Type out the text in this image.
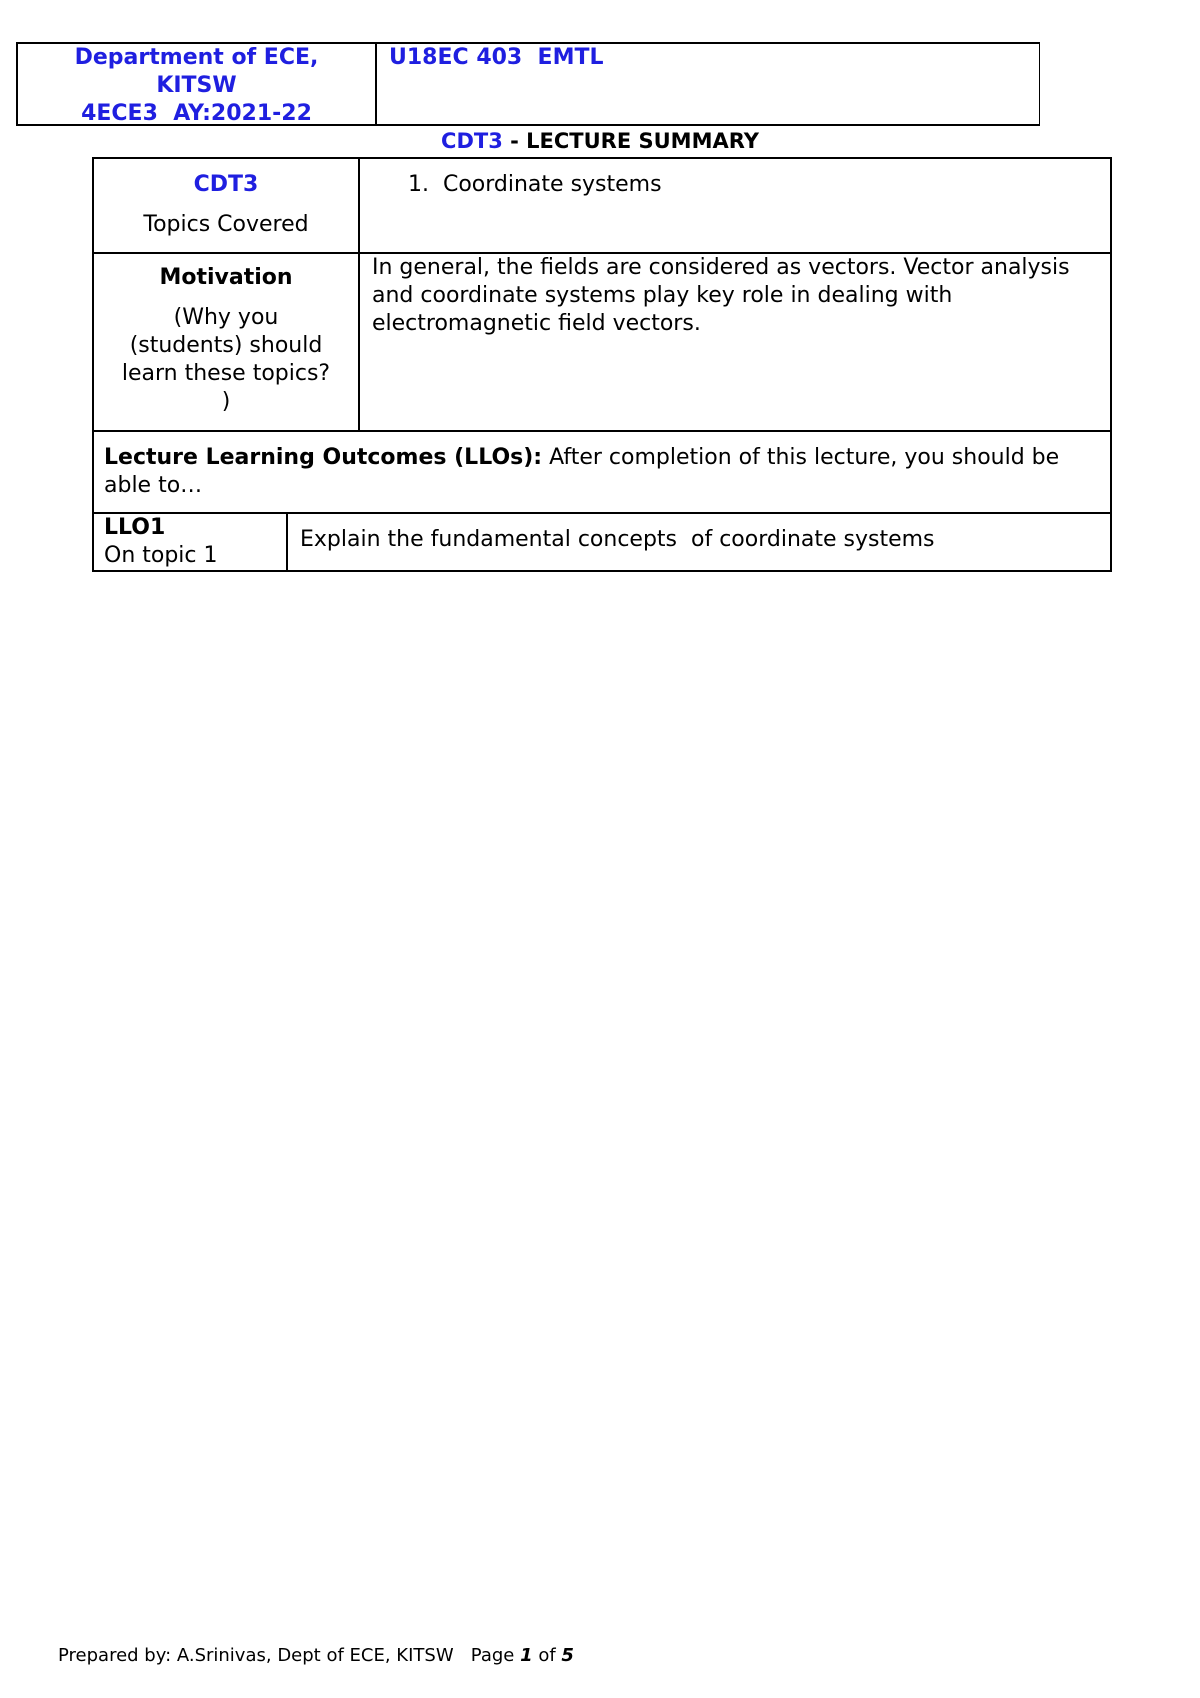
Department of ECE,
KITSW
4ECE3  AY:2021-22
U18EC 403  EMTL
CDT3 - LECTURE SUMMARY
CDT3
Topics Covered
1.  Coordinate systems
Motivation
(Why you (students) should learn these topics? )
In general, the fields are considered as vectors. Vector analysis and coordinate systems play key role in dealing with electromagnetic field vectors.
Lecture Learning Outcomes (LLOs): After completion of this lecture, you should be able to…
LLO1
On topic 1
Explain the fundamental concepts  of coordinate systems
Prepared by: A.Srinivas, Dept of ECE, KITSW   Page 1 of 5
